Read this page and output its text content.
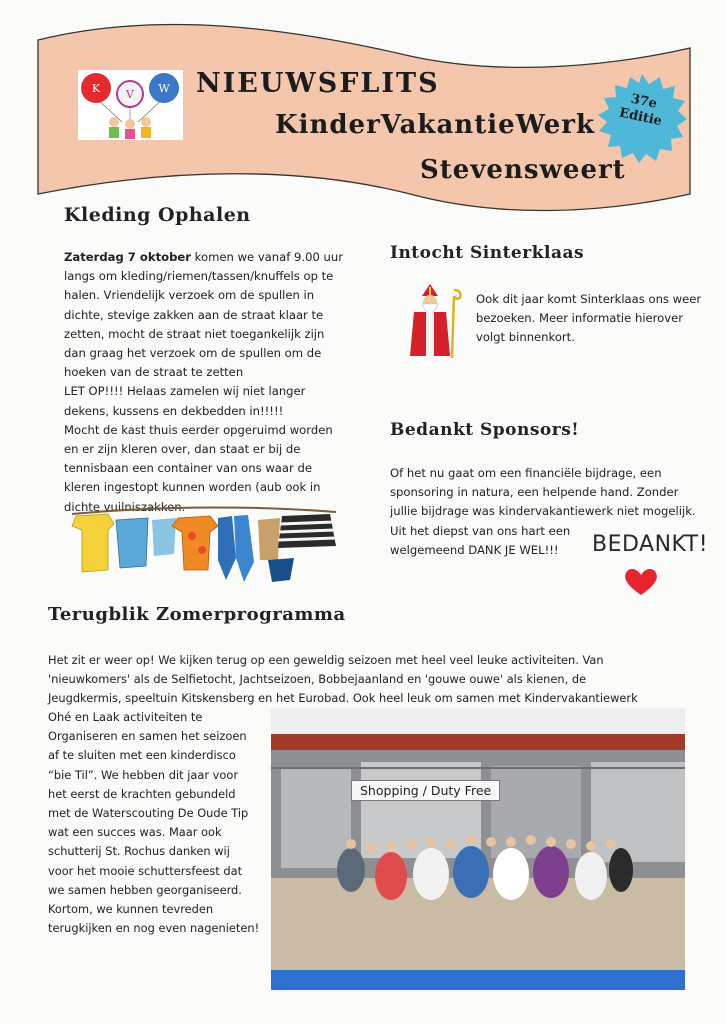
K V W NIEUWSFLITS
KinderVakantieWerk
Stevensweert
37e
Editie
Kleding Ophalen
Zaterdag 7 oktober komen we vanaf 9.00 uur
langs om kleding/riemen/tassen/knuffels op te
halen. Vriendelijk verzoek om de spullen in
dichte, stevige zakken aan de straat klaar te
zetten, mocht de straat niet toegankelijk zijn
dan graag het verzoek om de spullen om de
hoeken van de straat te zetten
LET OP!!!! Helaas zamelen wij niet langer
dekens, kussens en dekbedden in!!!!!
Mocht de kast thuis eerder opgeruimd worden
en er zijn kleren over, dan staat er bij de
tennisbaan een container van ons waar de
kleren ingestopt kunnen worden (aub ook in
dichte vuilniszakken.
Intocht Sinterklaas
Ook dit jaar komt Sinterklaas ons weer
bezoeken. Meer informatie hierover
volgt binnenkort.
Bedankt Sponsors!
Of het nu gaat om een financiële bijdrage, een
sponsoring in natura, een helpende hand. Zonder
jullie bijdrage was kindervakantiewerk niet mogelijk.
Uit het diepst van ons hart een
welgemeend DANK JE WEL!!!	BEDANKT!
Terugblik Zomerprogramma
Het zit er weer op! We kijken terug op een geweldig seizoen met heel veel leuke activiteiten. Van
'nieuwkomers' als de Selfietocht, Jachtseizoen, Bobbejaanland en 'gouwe ouwe' als kienen, de
Jeugdkermis, speeltuin Kitskensberg en het Eurobad. Ook heel leuk om samen met Kindervakantiewerk
Ohé en Laak activiteiten te
Organiseren en samen het seizoen
af te sluiten met een kinderdisco
“bie Til”. We hebben dit jaar voor
het eerst de krachten gebundeld
met de Waterscouting De Oude Tip
wat een succes was. Maar ook
schutterij St. Rochus danken wij
voor het mooie schuttersfeest dat
we samen hebben georganiseerd.
Kortom, we kunnen tevreden
terugkijken en nog even nagenieten!
Shopping / Duty Free
